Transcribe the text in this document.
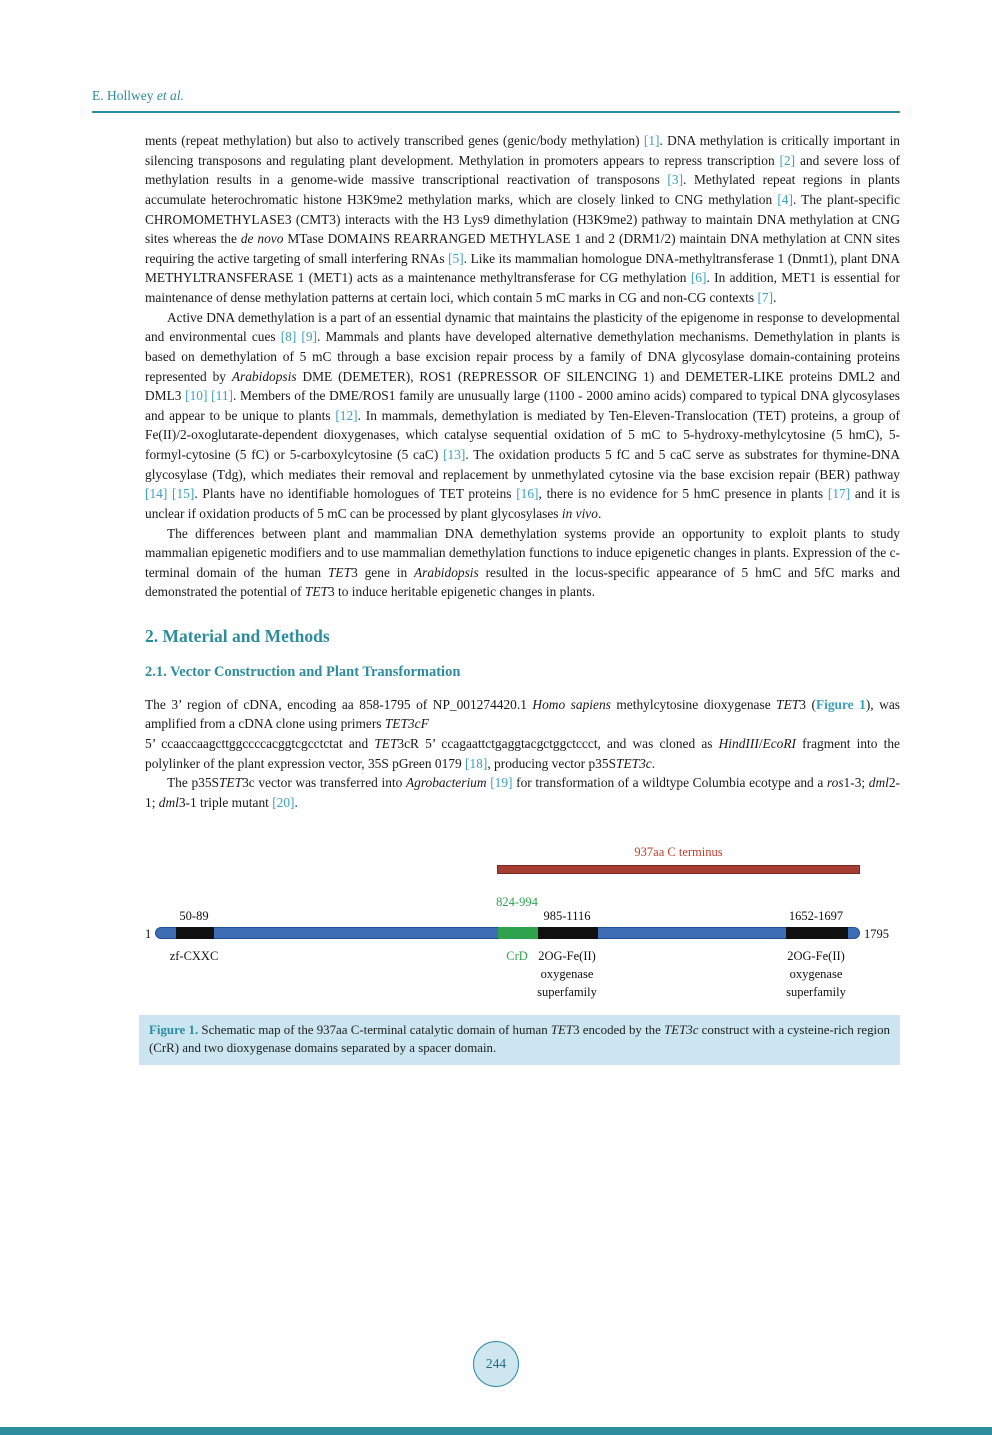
E. Hollwey et al.

ments (repeat methylation) but also to actively transcribed genes (genic/body methylation) [1]. DNA methylation is critically important in silencing transposons and regulating plant development. Methylation in promoters appears to repress transcription [2] and severe loss of methylation results in a genome-wide massive transcriptional reactivation of transposons [3]. Methylated repeat regions in plants accumulate heterochromatic histone H3K9me2 methylation marks, which are closely linked to CNG methylation [4]. The plant-specific CHROMOMETHYLASE3 (CMT3) interacts with the H3 Lys9 dimethylation (H3K9me2) pathway to maintain DNA methylation at CNG sites whereas the de novo MTase DOMAINS REARRANGED METHYLASE 1 and 2 (DRM1/2) maintain DNA methylation at CNN sites requiring the active targeting of small interfering RNAs [5]. Like its mammalian homologue DNA-methyltransferase 1 (Dnmt1), plant DNA METHYLTRANSFERASE 1 (MET1) acts as a maintenance methyltransferase for CG methylation [6]. In addition, MET1 is essential for maintenance of dense methylation patterns at certain loci, which contain 5 mC marks in CG and non-CG contexts [7].

Active DNA demethylation is a part of an essential dynamic that maintains the plasticity of the epigenome in response to developmental and environmental cues [8] [9]. Mammals and plants have developed alternative demethylation mechanisms. Demethylation in plants is based on demethylation of 5 mC through a base excision repair process by a family of DNA glycosylase domain-containing proteins represented by Arabidopsis DME (DEMETER), ROS1 (REPRESSOR OF SILENCING 1) and DEMETER-LIKE proteins DML2 and DML3 [10] [11]. Members of the DME/ROS1 family are unusually large (1100 - 2000 amino acids) compared to typical DNA glycosylases and appear to be unique to plants [12]. In mammals, demethylation is mediated by Ten-Eleven-Translocation (TET) proteins, a group of Fe(II)/2-oxoglutarate-dependent dioxygenases, which catalyse sequential oxidation of 5 mC to 5-hydroxy-methylcytosine (5 hmC), 5-formyl-cytosine (5 fC) or 5-carboxylcytosine (5 caC) [13]. The oxidation products 5 fC and 5 caC serve as substrates for thymine-DNA glycosylase (Tdg), which mediates their removal and replacement by unmethylated cytosine via the base excision repair (BER) pathway [14] [15]. Plants have no identifiable homologues of TET proteins [16], there is no evidence for 5 hmC presence in plants [17] and it is unclear if oxidation products of 5 mC can be processed by plant glycosylases in vivo.

The differences between plant and mammalian DNA demethylation systems provide an opportunity to exploit plants to study mammalian epigenetic modifiers and to use mammalian demethylation functions to induce epigenetic changes in plants. Expression of the c-terminal domain of the human TET3 gene in Arabidopsis resulted in the locus-specific appearance of 5 hmC and 5fC marks and demonstrated the potential of TET3 to induce heritable epigenetic changes in plants.

2. Material and Methods
2.1. Vector Construction and Plant Transformation

The 3’ region of cDNA, encoding aa 858-1795 of NP_001274420.1 Homo sapiens methylcytosine dioxygenase TET3 (Figure 1), was amplified from a cDNA clone using primers TET3cF
5’ ccaaccaagcttggccccacggtcgcctctat and TET3cR 5’ ccagaattctgaggtacgctggctccct, and was cloned as HindIII/EcoRI fragment into the polylinker of the plant expression vector, 35S pGreen 0179 [18], producing vector p35STET3c.

The p35STET3c vector was transferred into Agrobacterium [19] for transformation of a wildtype Columbia ecotype and a ros1-3; dml2-1; dml3-1 triple mutant [20].

937aa C terminus
1	1795
50-89
zf-CXXC
824-994
CrD
985-1116
2OG-Fe(II)
oxygenase
superfamily
1652-1697
2OG-Fe(II)
oxygenase
superfamily
Figure 1. Schematic map of the 937aa C-terminal catalytic domain of human TET3 encoded by the TET3c construct with a cysteine-rich region (CrR) and two dioxygenase domains separated by a spacer domain.
244
